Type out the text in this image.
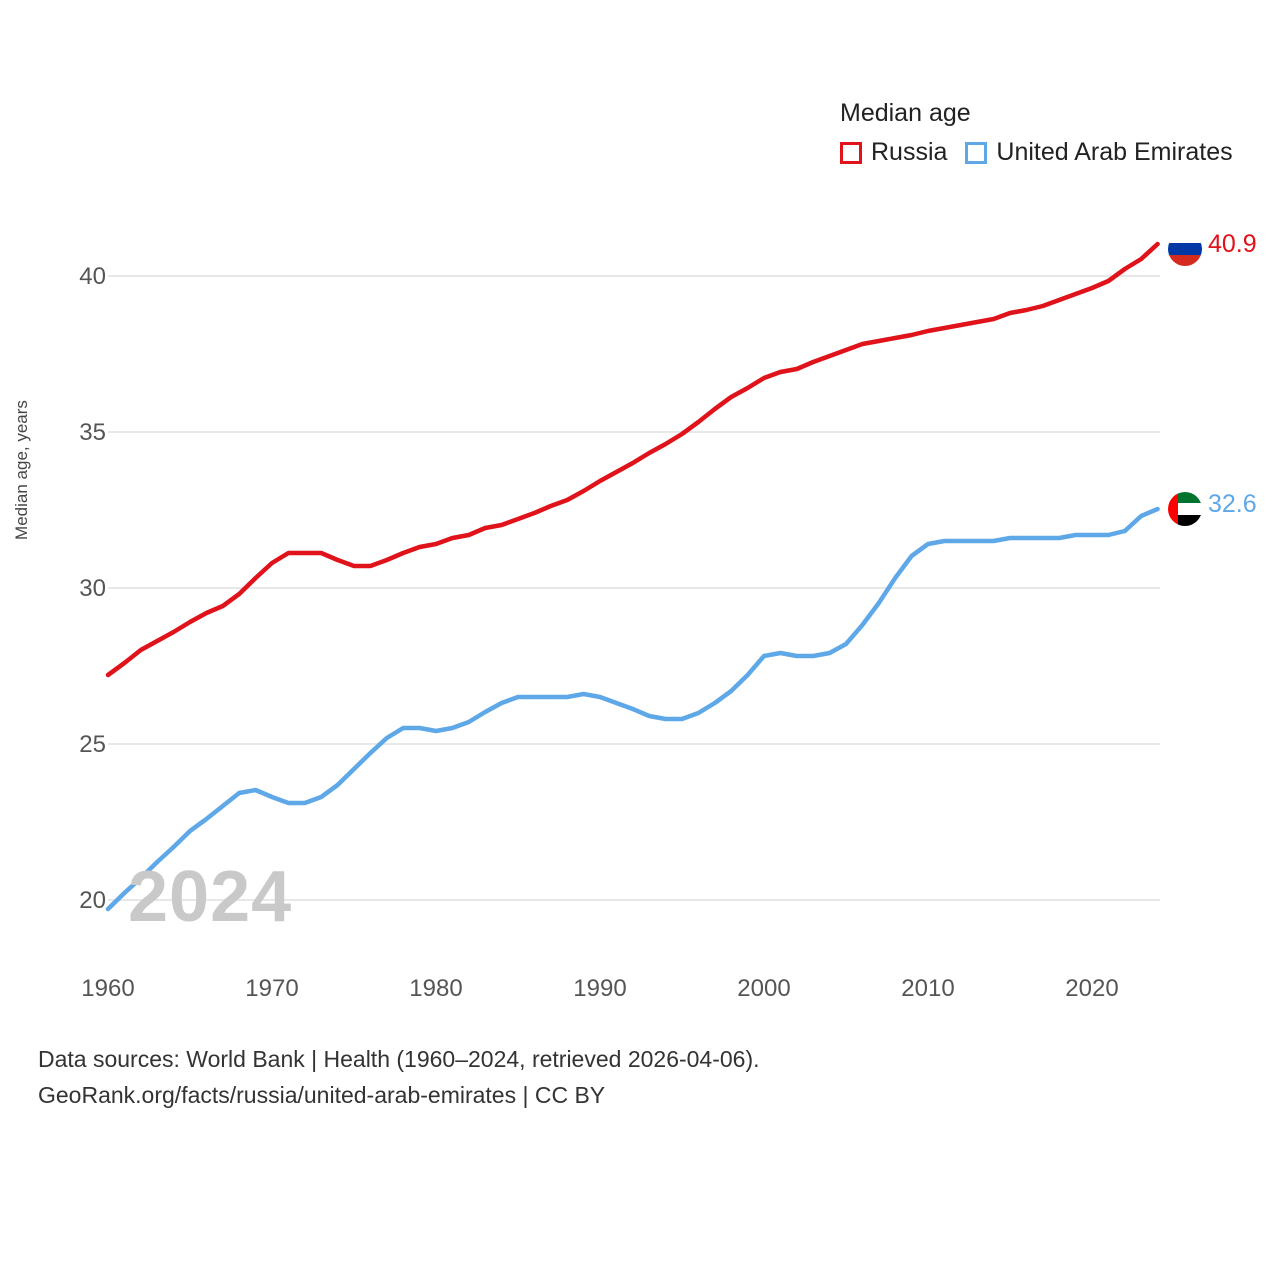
Median age
Russia United Arab Emirates
Median age, years
20
25
30
35
40
1960	1970	1980	1990	2000	2010	2020
2024
40.9
32.6
Data sources: World Bank | Health (1960–2024, retrieved 2026-04-06).
GeoRank.org/facts/russia/united-arab-emirates | CC BY
